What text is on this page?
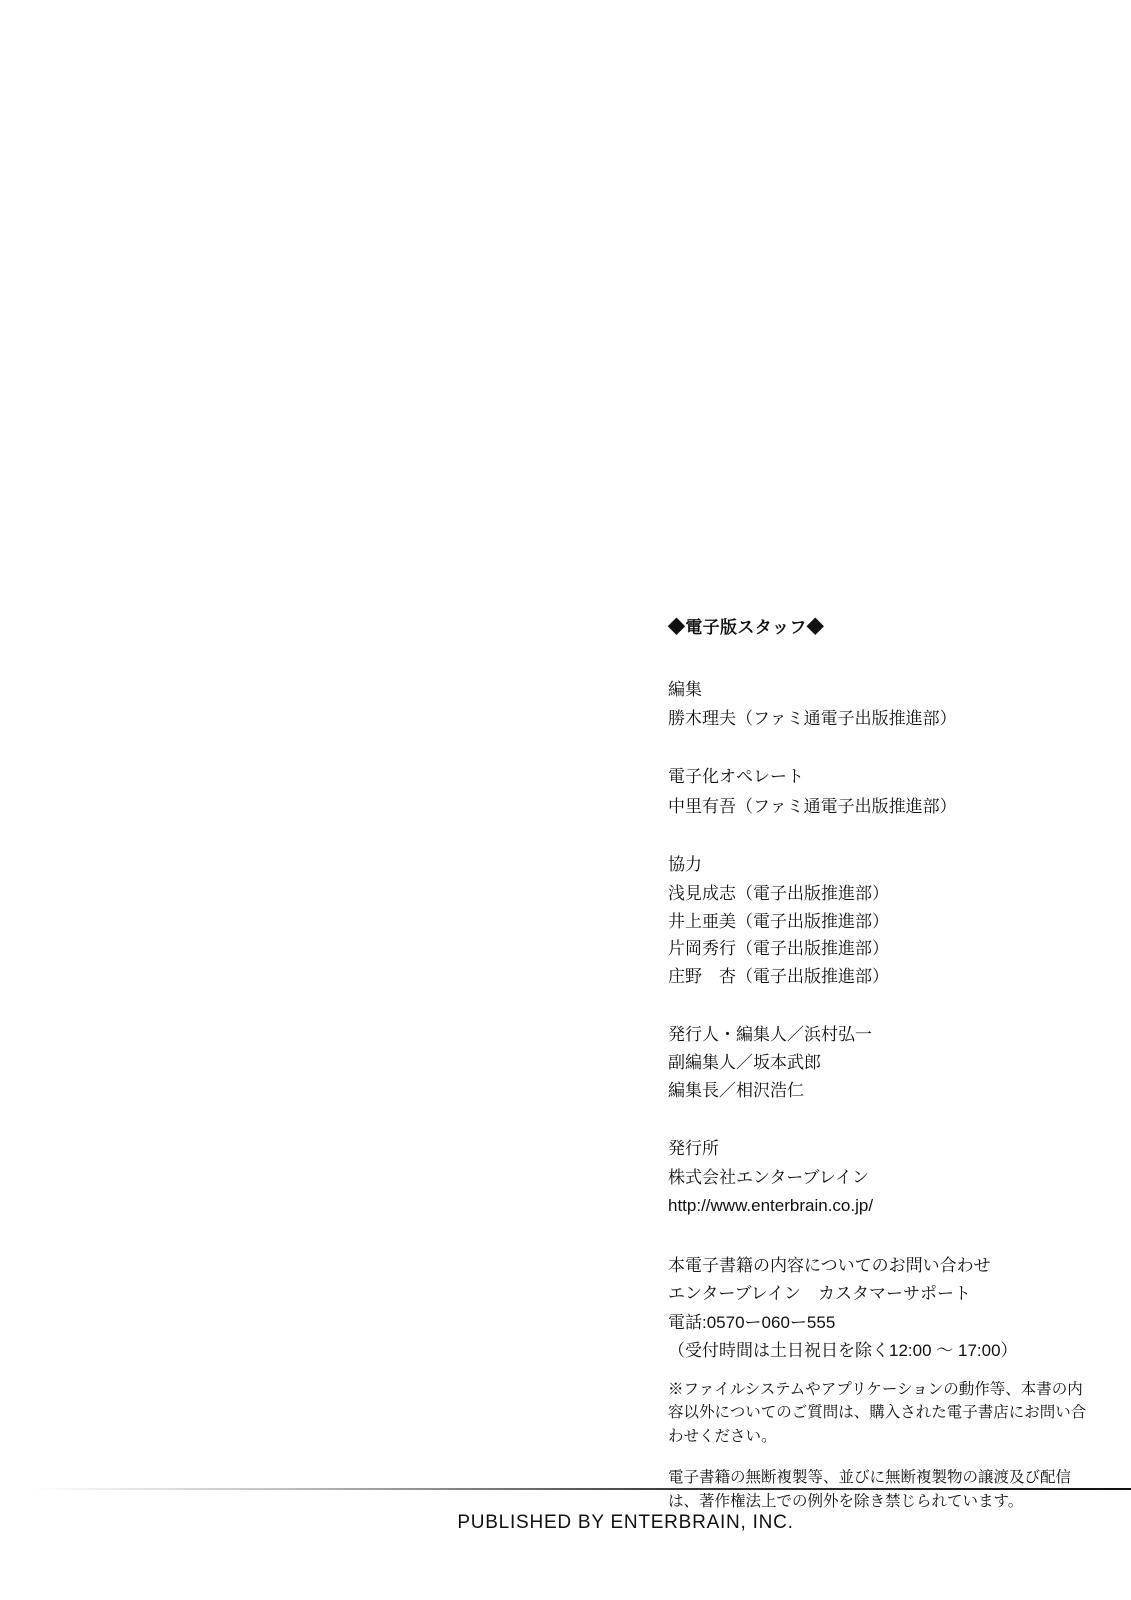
◆電子版スタッフ◆

編集

勝木理夫（ファミ通電子出版推進部）

電子化オペレート

中里有吾（ファミ通電子出版推進部）

協力

浅見成志（電子出版推進部）

井上亜美（電子出版推進部）

片岡秀行（電子出版推進部）

庄野　杏（電子出版推進部）

発行人・編集人／浜村弘一

副編集人／坂本武郎

編集長／相沢浩仁

発行所

株式会社エンターブレイン

http://www.enterbrain.co.jp/

本電子書籍の内容についてのお問い合わせ

エンターブレイン　カスタマーサポート

電話:0570ー060ー555

（受付時間は土日祝日を除く12:00 ～ 17:00）

※ファイルシステムやアプリケーションの動作等、本書の内容以外についてのご質問は、購入された電子書店にお問い合わせください。

電子書籍の無断複製等、並びに無断複製物の譲渡及び配信は、著作権法上での例外を除き禁じられています。

PUBLISHED BY ENTERBRAIN, INC.
